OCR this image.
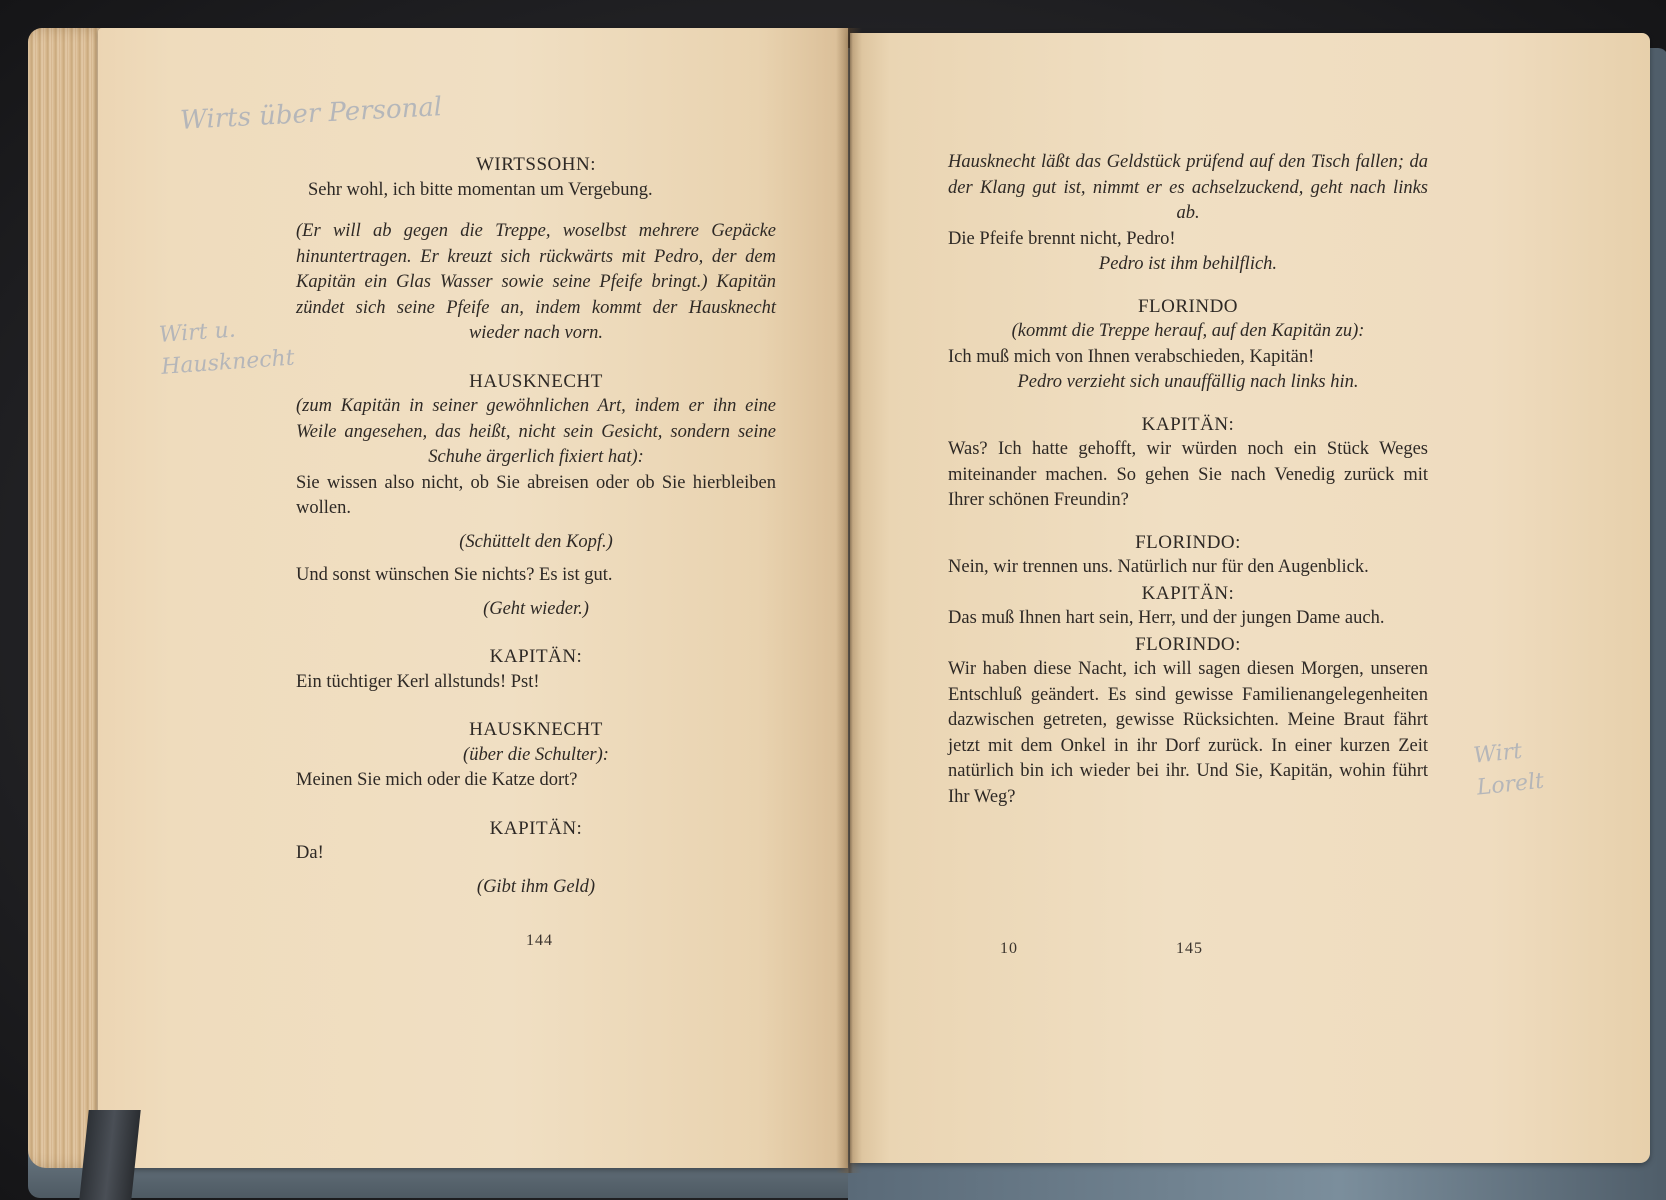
WIRTSSOHN:

Sehr wohl, ich bitte momentan um Vergebung.

(Er will ab gegen die Treppe, woselbst mehrere Gepäcke hinuntertragen. Er kreuzt sich rückwärts mit Pedro, der dem Kapitän ein Glas Wasser sowie seine Pfeife bringt.) Kapitän zündet sich seine Pfeife an, indem kommt der Hausknecht wieder nach vorn.

HAUSKNECHT

(zum Kapitän in seiner gewöhnlichen Art, indem er ihn eine Weile angesehen, das heißt, nicht sein Gesicht, sondern seine Schuhe ärgerlich fixiert hat):

Sie wissen also nicht, ob Sie abreisen oder ob Sie hierbleiben wollen.

(Schüttelt den Kopf.)

Und sonst wünschen Sie nichts? Es ist gut.

(Geht wieder.)

KAPITÄN:

Ein tüchtiger Kerl allstunds! Pst!

HAUSKNECHT

(über die Schulter):

Meinen Sie mich oder die Katze dort?

KAPITÄN:

Da!

(Gibt ihm Geld)

144

Hausknecht läßt das Geldstück prüfend auf den Tisch fallen; da der Klang gut ist, nimmt er es achselzuckend, geht nach links ab.

Die Pfeife brennt nicht, Pedro!

Pedro ist ihm behilflich.

FLORINDO

(kommt die Treppe herauf, auf den Kapitän zu):

Ich muß mich von Ihnen verabschieden, Kapitän!

Pedro verzieht sich unauffällig nach links hin.

KAPITÄN:

Was? Ich hatte gehofft, wir würden noch ein Stück Weges miteinander machen. So gehen Sie nach Venedig zurück mit Ihrer schönen Freundin?

FLORINDO:

Nein, wir trennen uns. Natürlich nur für den Augenblick.

KAPITÄN:

Das muß Ihnen hart sein, Herr, und der jungen Dame auch.

FLORINDO:

Wir haben diese Nacht, ich will sagen diesen Morgen, unseren Entschluß geändert. Es sind gewisse Familienangelegenheiten dazwischen getreten, gewisse Rücksichten. Meine Braut fährt jetzt mit dem Onkel in ihr Dorf zurück. In einer kurzen Zeit natürlich bin ich wieder bei ihr. Und Sie, Kapitän, wohin führt Ihr Weg?

10	145
Wirts über Personal
Wirt u. Hausknecht
Wirt Lorelt
